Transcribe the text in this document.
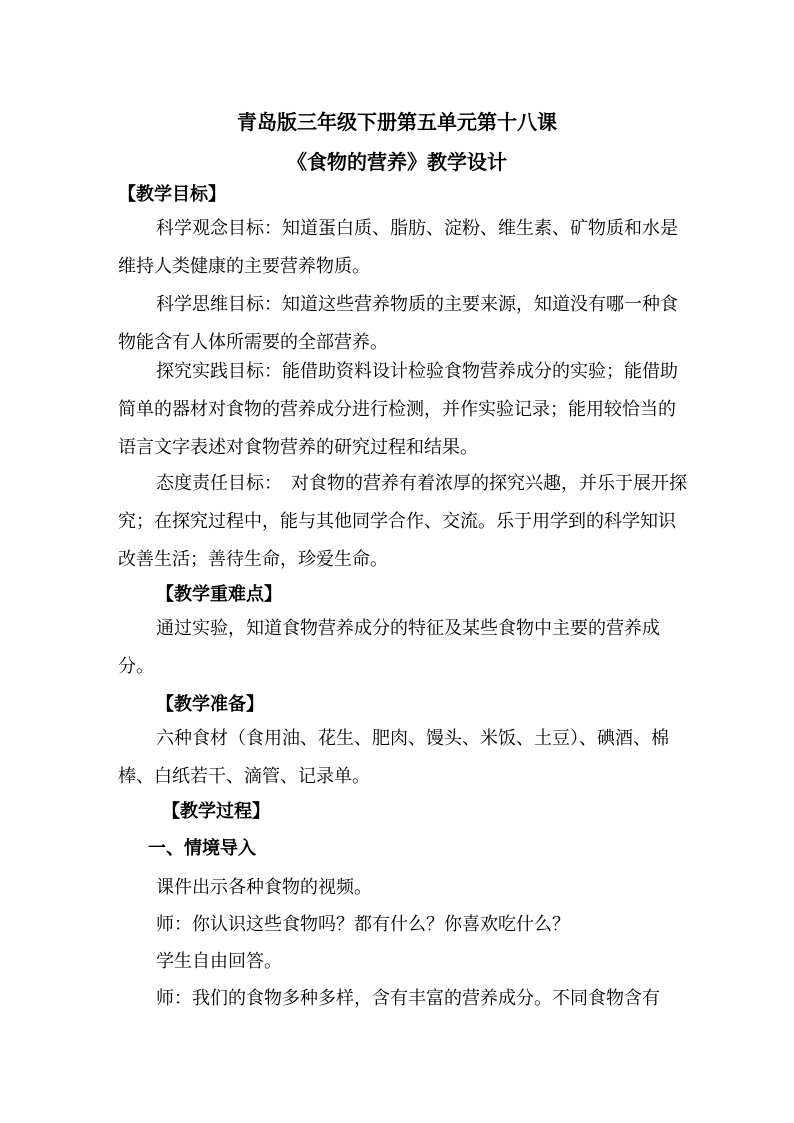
青岛版三年级下册第五单元第十八课
《食物的营养》教学设计
【教学目标】

科学观念目标：知道蛋白质、脂肪、淀粉、维生素、矿物质和水是维持人类健康的主要营养物质。

科学思维目标：知道这些营养物质的主要来源，知道没有哪一种食物能含有人体所需要的全部营养。

探究实践目标：能借助资料设计检验食物营养成分的实验；能借助简单的器材对食物的营养成分进行检测，并作实验记录；能用较恰当的语言文字表述对食物营养的研究过程和结果。

态度责任目标：　对食物的营养有着浓厚的探究兴趣，并乐于展开探究；在探究过程中，能与其他同学合作、交流。乐于用学到的科学知识改善生活；善待生命，珍爱生命。

【教学重难点】

通过实验，知道食物营养成分的特征及某些食物中主要的营养成分。

【教学准备】

六种食材（食用油、花生、肥肉、馒头、米饭、土豆）、碘酒、棉棒、白纸若干、滴管、记录单。

【教学过程】
一、情境导入
课件出示各种食物的视频。
师：你认识这些食物吗？都有什么？你喜欢吃什么？
学生自由回答。
师：我们的食物多种多样，含有丰富的营养成分。不同食物含有
